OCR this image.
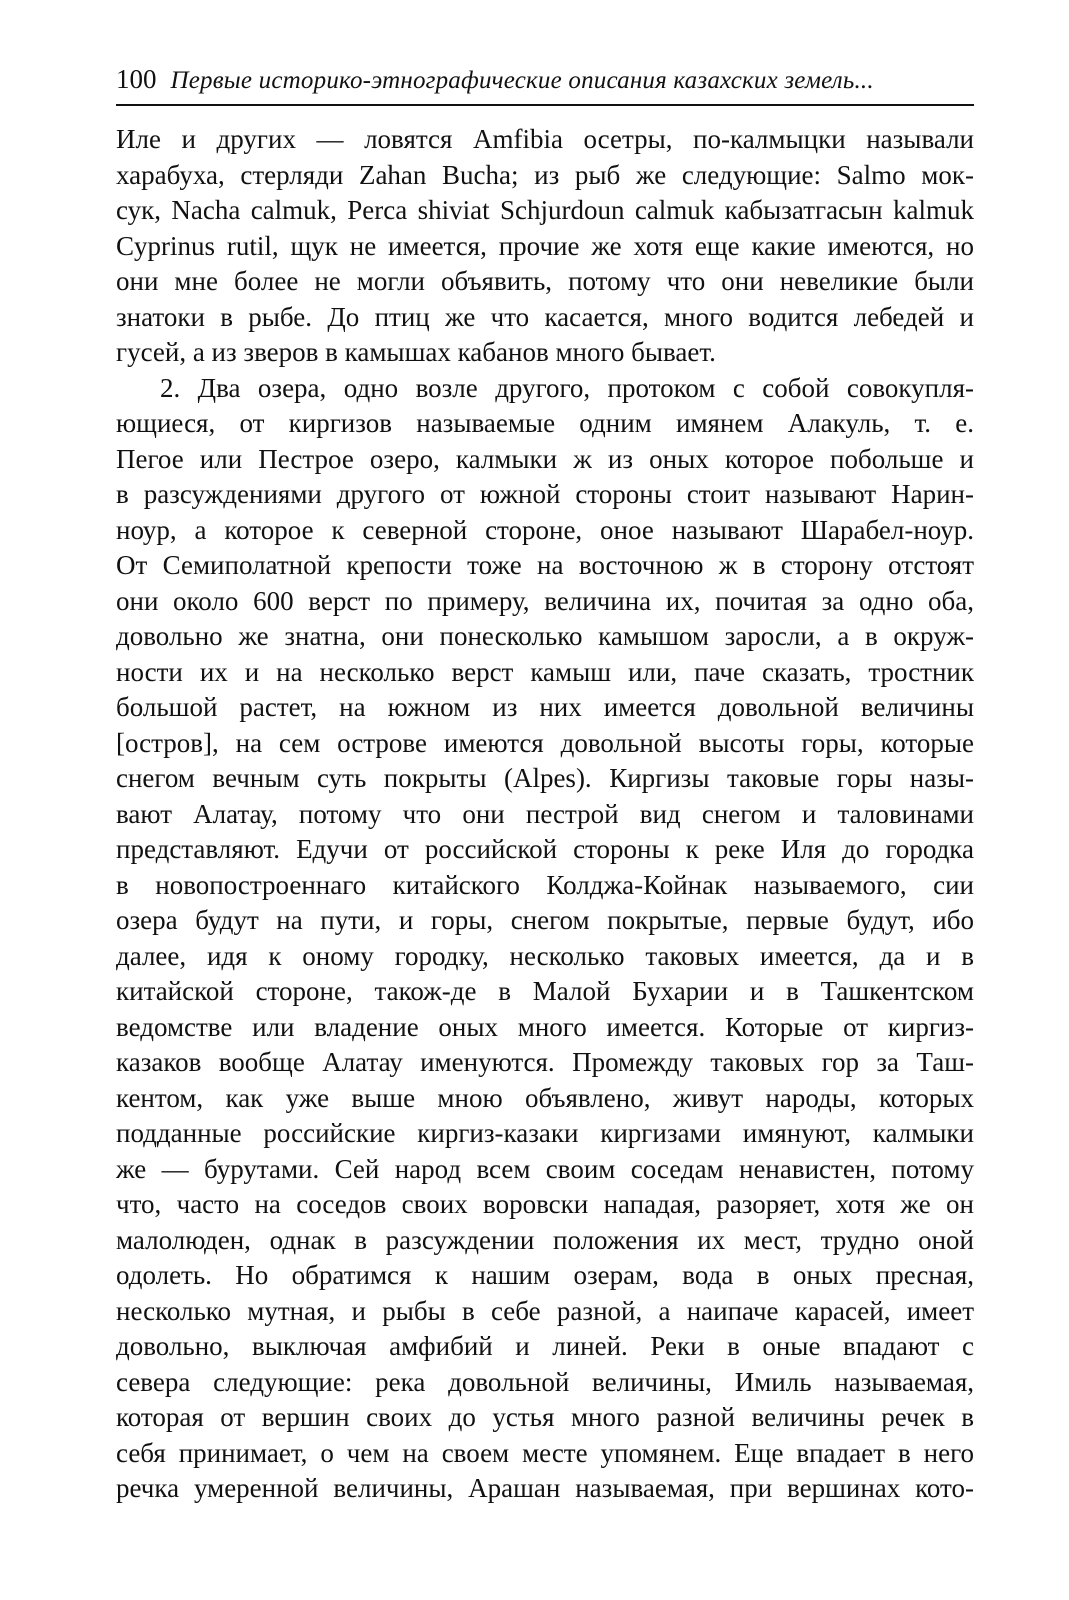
100 Первые историко-этнографические описания казахских земель...

Иле и других — ловятся Amfibia осетры, по-калмыцки называли
харабуха, стерляди Zahan Bucha; из рыб же следующие: Salmo мок-
сук, Nacha calmuk, Perca shiviat Schjurdoun calmuk кабызатгасын kalmuk
Cyprinus rutil, щук не имеется, прочие же хотя еще какие имеются, но
они мне более не могли объявить, потому что они невеликие были
знатоки в рыбе. До птиц же что касается, много водится лебедей и
гусей, а из зверов в камышах кабанов много бывает.

2. Два озера, одно возле другого, протоком с собой совокупля-
ющиеся, от киргизов называемые одним имянем Алакуль, т. е.
Пегое или Пестрое озеро, калмыки ж из оных которое побольше и
в разсуждениями другого от южной стороны стоит называют Нарин-
ноур, а которое к северной стороне, оное называют Шарабел-ноур.
От Семиполатной крепости тоже на восточною ж в сторону отстоят
они около 600 верст по примеру, величина их, почитая за одно оба,
довольно же знатна, они понесколько камышом заросли, а в окруж-
ности их и на несколько верст камыш или, паче сказать, тростник
большой растет, на южном из них имеется довольной величины
[остров], на сем острове имеются довольной высоты горы, которые
снегом вечным суть покрыты (Alpes). Киргизы таковые горы назы-
вают Алатау, потому что они пестрой вид снегом и таловинами
представляют. Едучи от российской стороны к реке Иля до городка
в новопостроеннаго китайского Колджа-Койнак называемого, сии
озера будут на пути, и горы, снегом покрытые, первые будут, ибо
далее, идя к оному городку, несколько таковых имеется, да и в
китайской стороне, також-де в Малой Бухарии и в Ташкентском
ведомстве или владение оных много имеется. Которые от киргиз-
казаков вообще Алатау именуются. Промежду таковых гор за Таш-
кентом, как уже выше мною объявлено, живут народы, которых
подданные российские киргиз-казаки киргизами имянуют, калмыки
же — бурутами. Сей народ всем своим соседам ненавистен, потому
что, часто на соседов своих воровски нападая, разоряет, хотя же он
малолюден, однак в разсуждении положения их мест, трудно оной
одолеть. Но обратимся к нашим озерам, вода в оных пресная,
несколько мутная, и рыбы в себе разной, а наипаче карасей, имеет
довольно, выключая амфибий и линей. Реки в оные впадают с
севера следующие: река довольной величины, Имиль называемая,
которая от вершин своих до устья много разной величины речек в
себя принимает, о чем на своем месте упомянем. Еще впадает в него
речка умеренной величины, Арашан называемая, при вершинах кото-
